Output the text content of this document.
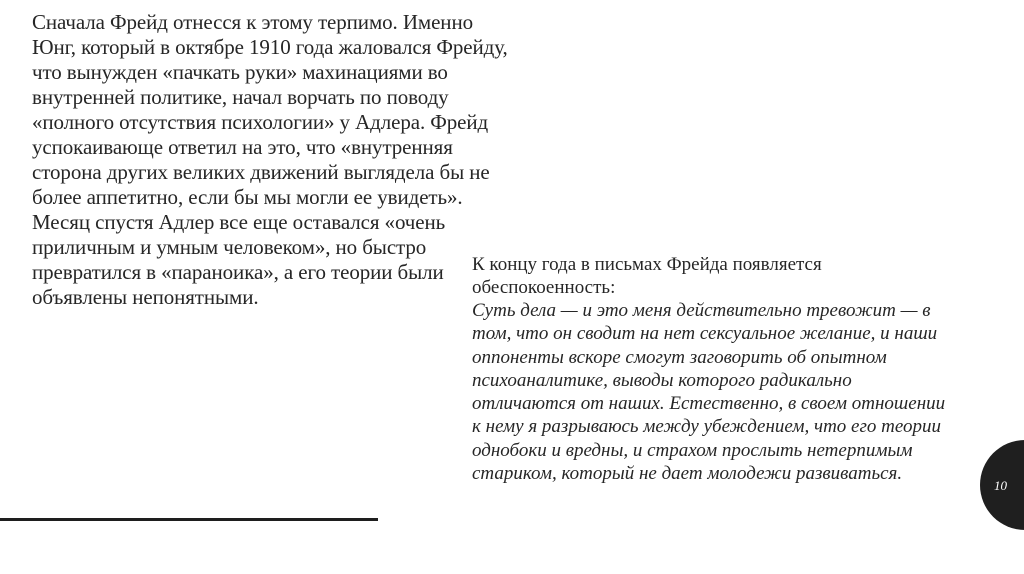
Сначала Фрейд отнесся к этому терпимо. Именно
Юнг, который в октябре 1910 года жаловался Фрейду,
что вынужден «пачкать руки» махинациями во
внутренней политике, начал ворчать по поводу
«полного отсутствия психологии» у Адлера. Фрейд
успокаивающе ответил на это, что «внутренняя
сторона других великих движений выглядела бы не
более аппетитно, если бы мы могли ее увидеть».
Месяц спустя Адлер все еще оставался «очень
приличным и умным человеком», но быстро
превратился в «параноика», а его теории были
объявлены непонятными.
К концу года в письмах Фрейда появляется
обеспокоенность:
Суть дела — и это меня действительно тревожит — в
том, что он сводит на нет сексуальное желание, и наши
оппоненты вскоре смогут заговорить об опытном
психоаналитике, выводы которого радикально
отличаются от наших. Естественно, в своем отношении
к нему я разрываюсь между убеждением, что его теории
однобоки и вредны, и страхом прослыть нетерпимым
стариком, который не дает молодежи развиваться.
10
